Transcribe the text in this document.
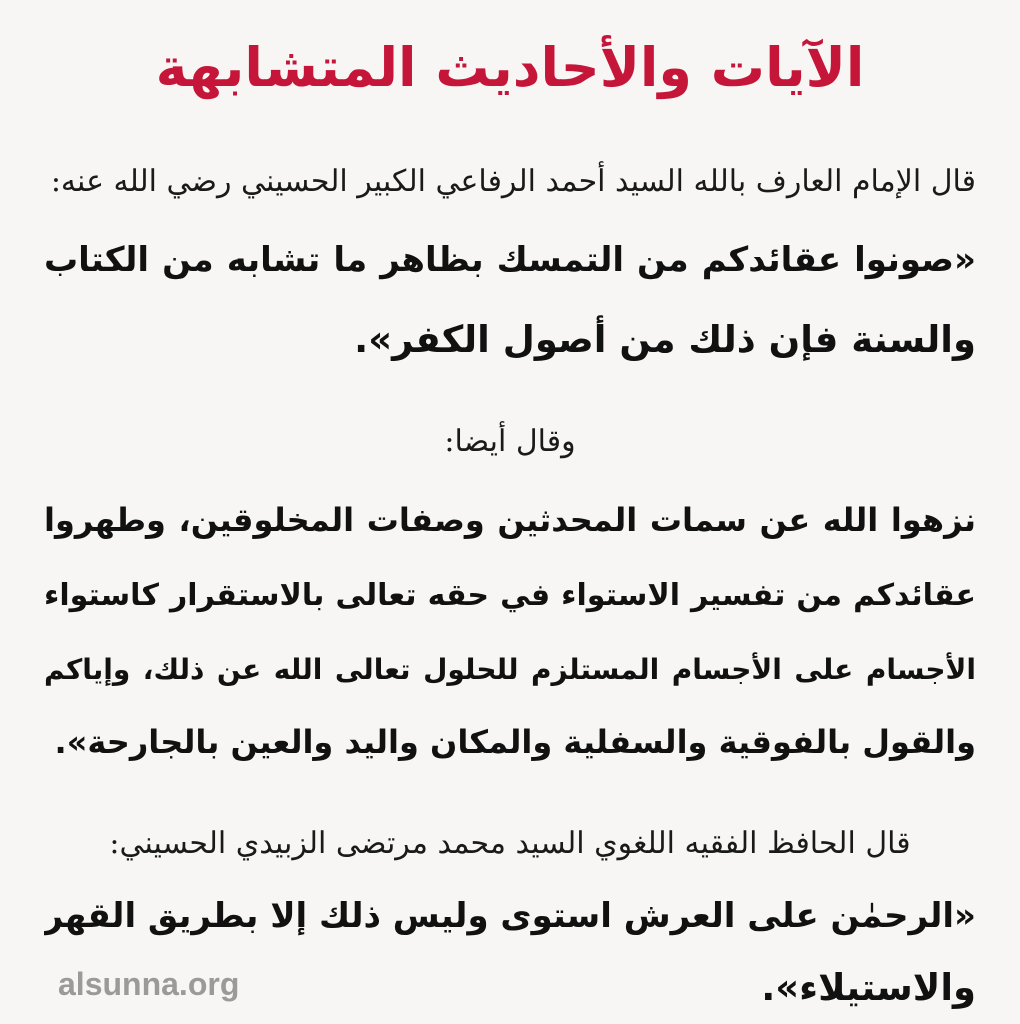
الآيات والأحاديث المتشابهة
قال الإمام العارف بالله السيد أحمد الرفاعي الكبير الحسيني رضي الله عنه:
«صونوا عقائدكم من التمسك بظاهر ما تشابه من الكتاب
والسنة فإن ذلك من أصول الكفر».
وقال أيضا:
نزهوا الله عن سمات المحدثين وصفات المخلوقين، وطهروا
عقائدكم من تفسير الاستواء في حقه تعالى بالاستقرار كاستواء
الأجسام على الأجسام المستلزم للحلول تعالى الله عن ذلك، وإياكم
والقول بالفوقية والسفلية والمكان واليد والعين بالجارحة».
قال الحافظ الفقيه اللغوي السيد محمد مرتضى الزبيدي الحسيني:
«الرحمٰن على العرش استوى وليس ذلك إلا بطريق القهر
والاستيلاء».
alsunna.org
